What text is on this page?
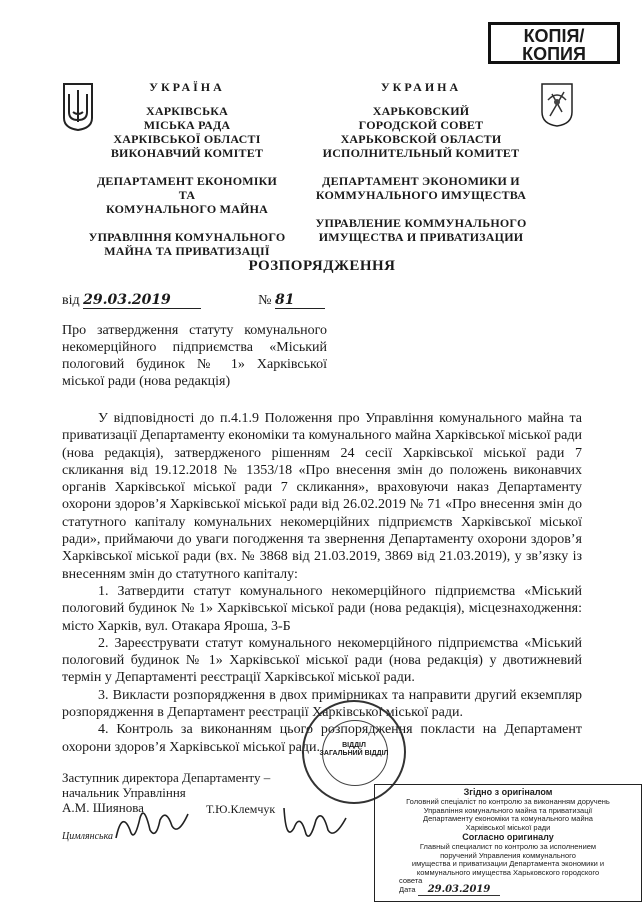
КОПІЯ/
КОПИЯ
УКРАЇНА
ХАРКІВСЬКА
МІСЬКА РАДА
ХАРКІВСЬКОЇ ОБЛАСТІ
ВИКОНАВЧИЙ КОМІТЕТ
ДЕПАРТАМЕНТ ЕКОНОМІКИ ТА
КОМУНАЛЬНОГО МАЙНА
УПРАВЛІННЯ КОМУНАЛЬНОГО
МАЙНА ТА ПРИВАТИЗАЦІЇ
УКРАИНА
ХАРЬКОВСКИЙ
ГОРОДСКОЙ СОВЕТ
ХАРЬКОВСКОЙ ОБЛАСТИ
ИСПОЛНИТЕЛЬНЫЙ КОМИТЕТ
ДЕПАРТАМЕНТ ЭКОНОМИКИ И
КОММУНАЛЬНОГО ИМУЩЕСТВА
УПРАВЛЕНИЕ КОММУНАЛЬНОГО
ИМУЩЕСТВА И ПРИВАТИЗАЦИИ
РОЗПОРЯДЖЕННЯ
від 29.03.2019	№ 81
Про затвердження статуту комунального некомерційного підприємства «Міський пологовий будинок № 1» Харківської міської ради (нова редакція)

У відповідності до п.4.1.9 Положення про Управління комунального майна та приватизації Департаменту економіки та комунального майна Харківської міської ради (нова редакція), затвердженого рішенням 24 сесії Харківської міської ради 7 скликання від 19.12.2018 № 1353/18 «Про внесення змін до положень виконавчих органів Харківської міської ради 7 скликання», враховуючи наказ Департаменту охорони здоров’я Харківської міської ради від 26.02.2019 № 71 «Про внесення змін до статутного капіталу комунальних некомерційних підприємств Харківської міської ради», приймаючи до уваги погодження та звернення Департаменту охорони здоров’я Харківської міської ради (вх. № 3868 від 21.03.2019, 3869 від 21.03.2019), у зв’язку із внесенням змін до статутного капіталу:

1. Затвердити статут комунального некомерційного підприємства «Міський пологовий будинок № 1» Харківської міської ради (нова редакція), місцезнаходження: місто Харків, вул. Отакара Яроша, 3-Б

2. Зареєструвати статут комунального некомерційного підприємства «Міський пологовий будинок № 1» Харківської міської ради (нова редакція) у двотижневий термін у Департаменті реєстрації Харківської міської ради.

3. Викласти розпорядження в двох примірниках та направити другий екземпляр розпорядження в Департамент реєстрації Харківської міської ради.

4. Контроль за виконанням цього розпорядження покласти на Департамент охорони здоров’я Харківської міської ради.

Заступник директора Департаменту –
начальник Управління
А.М. Шиянова
Цимлянська
Т.Ю.Клемчук
ВІДДІЛ
ЗАГАЛЬНИЙ ВІДДІЛ
Згідно з оригіналом
Головний спеціаліст по контролю за виконанням доручень
Управління комунального майна та приватизації
Департаменту економіки та комунального майна
Харківської міської ради
Согласно оригиналу
Главный специалист по контролю за исполнением
поручений Управления коммунального
имущества и приватизации Департамента экономики и
коммунального имущества Харьковского городского
совета
Дата 29.03.2019
